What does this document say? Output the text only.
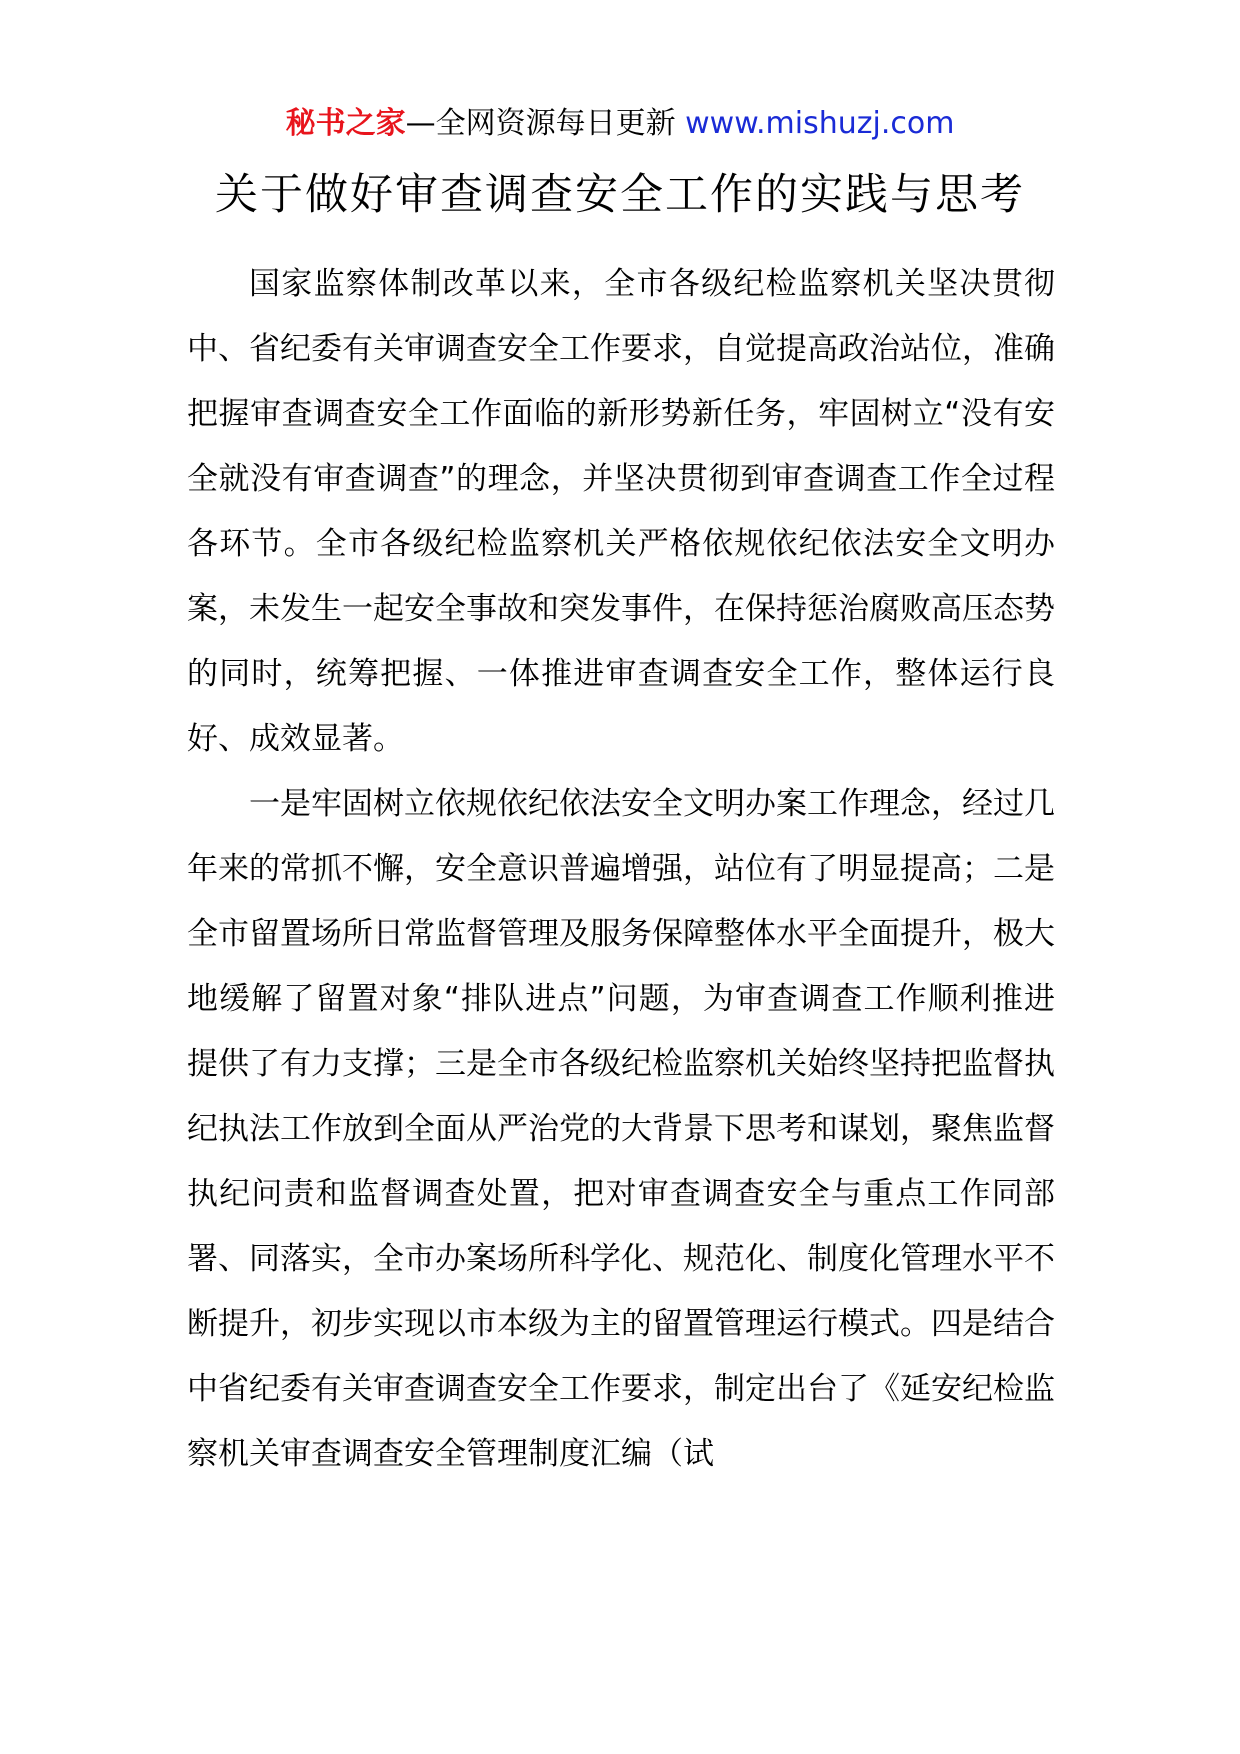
秘书之家—全网资源每日更新 www.mishuzj.com
关于做好审查调查安全工作的实践与思考

国家监察体制改革以来，全市各级纪检监察机关坚决贯彻中、省纪委有关审调查安全工作要求，自觉提高政治站位，准确把握审查调查安全工作面临的新形势新任务，牢固树立“没有安全就没有审查调查”的理念，并坚决贯彻到审查调查工作全过程各环节。全市各级纪检监察机关严格依规依纪依法安全文明办案，未发生一起安全事故和突发事件，在保持惩治腐败高压态势的同时，统筹把握、一体推进审查调查安全工作，整体运行良好、成效显著。

一是牢固树立依规依纪依法安全文明办案工作理念，经过几年来的常抓不懈，安全意识普遍增强，站位有了明显提高；二是全市留置场所日常监督管理及服务保障整体水平全面提升，极大地缓解了留置对象“排队进点”问题，为审查调查工作顺利推进提供了有力支撑；三是全市各级纪检监察机关始终坚持把监督执纪执法工作放到全面从严治党的大背景下思考和谋划，聚焦监督执纪问责和监督调查处置，把对审查调查安全与重点工作同部署、同落实，全市办案场所科学化、规范化、制度化管理水平不断提升，初步实现以市本级为主的留置管理运行模式。四是结合中省纪委有关审查调查安全工作要求，制定出台了《延安纪检监察机关审查调查安全管理制度汇编（试
